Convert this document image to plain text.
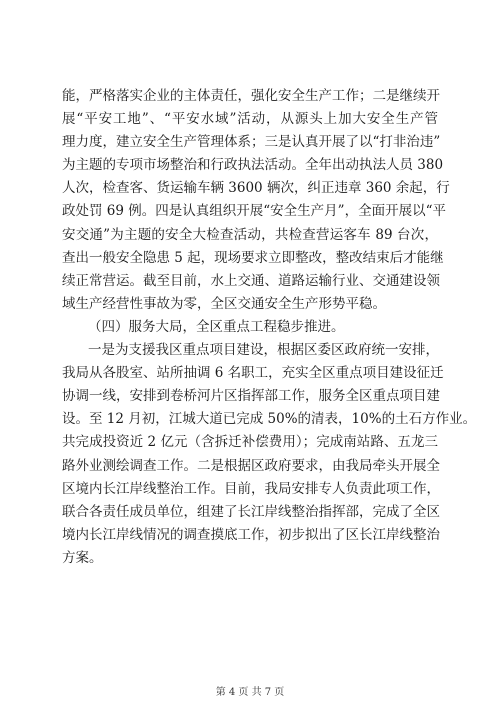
能，严格落实企业的主体责任，强化安全生产工作；二是继续开
展“平安工地”、“平安水域”活动，从源头上加大安全生产管
理力度，建立安全生产管理体系；三是认真开展了以“打非治违”
为主题的专项市场整治和行政执法活动。全年出动执法人员 380
人次，检查客、货运输车辆 3600 辆次，纠正违章 360 余起，行
政处罚 69 例。四是认真组织开展“安全生产月”，全面开展以“平
安交通”为主题的安全大检查活动，共检查营运客车 89 台次，
查出一般安全隐患 5 起，现场要求立即整改，整改结束后才能继
续正常营运。截至目前，水上交通、道路运输行业、交通建设领
域生产经营性事故为零，全区交通安全生产形势平稳。
（四）服务大局，全区重点工程稳步推进。
一是为支援我区重点项目建设，根据区委区政府统一安排，
我局从各股室、站所抽调 6 名职工，充实全区重点项目建设征迁
协调一线，安排到卷桥河片区指挥部工作，服务全区重点项目建
设。至 12 月初，江城大道已完成 50%的清表，10%的土石方作业。
共完成投资近 2 亿元（含拆迁补偿费用）；完成南站路、五龙三
路外业测绘调查工作。二是根据区政府要求，由我局牵头开展全
区境内长江岸线整治工作。目前，我局安排专人负责此项工作，
联合各责任成员单位，组建了长江岸线整治指挥部，完成了全区
境内长江岸线情况的调查摸底工作，初步拟出了区长江岸线整治
方案。
第 4 页 共 7 页
